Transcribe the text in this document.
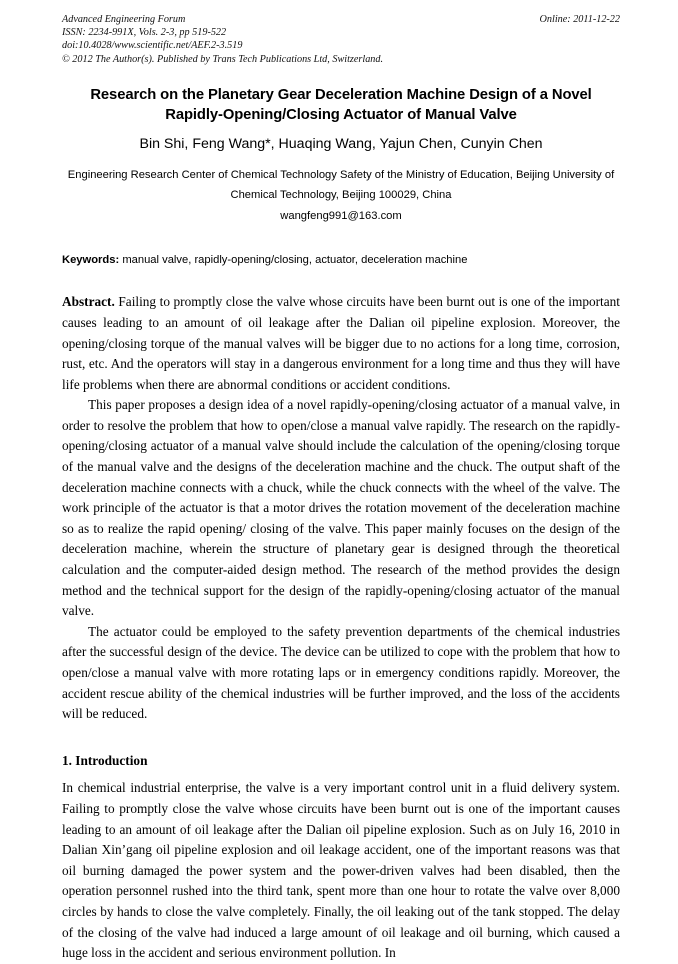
Advanced Engineering Forum	Online: 2011-12-22
ISSN: 2234-991X, Vols. 2-3, pp 519-522
doi:10.4028/www.scientific.net/AEF.2-3.519
© 2012 The Author(s). Published by Trans Tech Publications Ltd, Switzerland.
Research on the Planetary Gear Deceleration Machine Design of a Novel Rapidly-Opening/Closing Actuator of Manual Valve
Bin Shi, Feng Wang*, Huaqing Wang, Yajun Chen, Cunyin Chen
Engineering Research Center of Chemical Technology Safety of the Ministry of Education, Beijing University of Chemical Technology, Beijing 100029, China
wangfeng991@163.com
Keywords: manual valve, rapidly-opening/closing, actuator, deceleration machine

Abstract. Failing to promptly close the valve whose circuits have been burnt out is one of the important causes leading to an amount of oil leakage after the Dalian oil pipeline explosion. Moreover, the opening/closing torque of the manual valves will be bigger due to no actions for a long time, corrosion, rust, etc. And the operators will stay in a dangerous environment for a long time and thus they will have life problems when there are abnormal conditions or accident conditions.

This paper proposes a design idea of a novel rapidly-opening/closing actuator of a manual valve, in order to resolve the problem that how to open/close a manual valve rapidly. The research on the rapidly-opening/closing actuator of a manual valve should include the calculation of the opening/closing torque of the manual valve and the designs of the deceleration machine and the chuck. The output shaft of the deceleration machine connects with a chuck, while the chuck connects with the wheel of the valve. The work principle of the actuator is that a motor drives the rotation movement of the deceleration machine so as to realize the rapid opening/ closing of the valve. This paper mainly focuses on the design of the deceleration machine, wherein the structure of planetary gear is designed through the theoretical calculation and the computer-aided design method. The research of the method provides the design method and the technical support for the design of the rapidly-opening/closing actuator of the manual valve.

The actuator could be employed to the safety prevention departments of the chemical industries after the successful design of the device. The device can be utilized to cope with the problem that how to open/close a manual valve with more rotating laps or in emergency conditions rapidly. Moreover, the accident rescue ability of the chemical industries will be further improved, and the loss of the accidents will be reduced.

1. Introduction

In chemical industrial enterprise, the valve is a very important control unit in a fluid delivery system. Failing to promptly close the valve whose circuits have been burnt out is one of the important causes leading to an amount of oil leakage after the Dalian oil pipeline explosion. Such as on July 16, 2010 in Dalian Xin’gang oil pipeline explosion and oil leakage accident, one of the important reasons was that oil burning damaged the power system and the power-driven valves had been disabled, then the operation personnel rushed into the third tank, spent more than one hour to rotate the valve over 8,000 circles by hands to close the valve completely. Finally, the oil leaking out of the tank stopped. The delay of the closing of the valve had induced a large amount of oil leakage and oil burning, which caused a huge loss in the accident and serious environment pollution. In
